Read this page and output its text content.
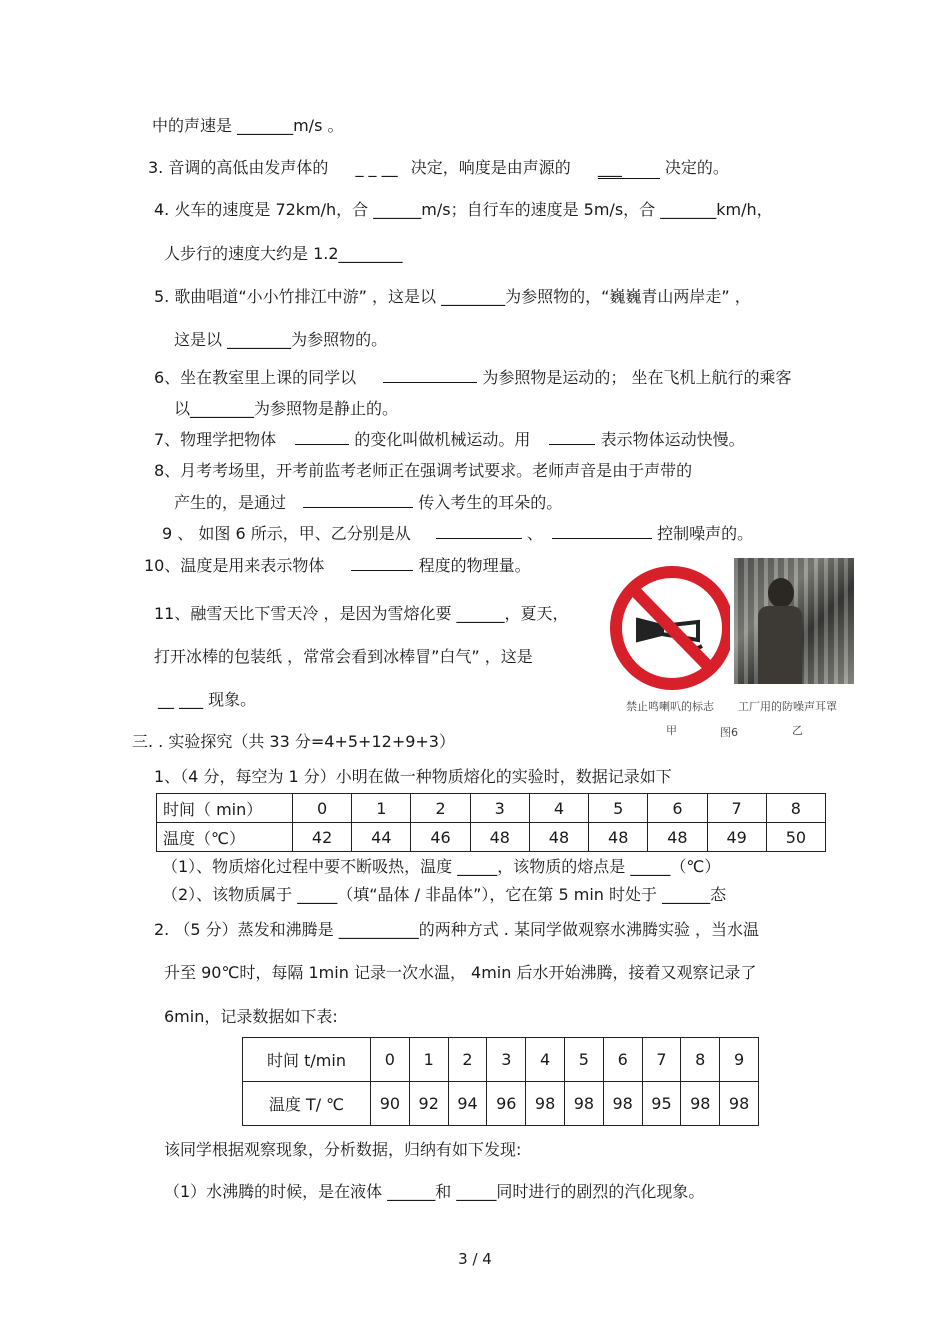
中的声速是 _______m/s 。
3. 音调的高低由发声体的 _ _ __ 决定，响度是由声源的 ___	决定的。
4. 火车的速度是 72km/h，合 ______m/s；自行车的速度是 5m/s，合 _______km/h，
人步行的速度大约是 1.2________
5. 歌曲唱道“小小竹排江中游” ，这是以 ________为参照物的，“巍巍青山两岸走” ，
这是以 ________为参照物的。
6、坐在教室里上课的同学以	为参照物是运动的； 坐在飞机上航行的乘客
以________为参照物是静止的。
7、物理学把物体	的变化叫做机械运动。用	表示物体运动快慢。
8、月考考场里，开考前监考老师正在强调考试要求。老师声音是由于声带的
产生的，是通过	传入考生的耳朵的。
9 、 如图 6 所示，甲、乙分别是从	、	控制噪声的。
10、温度是用来表示物体	程度的物理量。
11、融雪天比下雪天冷 ，是因为雪熔化要 ______，夏天，
打开冰棒的包装纸 ，常常会看到冰棒冒”白气” ，这是
__ ___ 现象。	禁止鸣喇叭的标志 工厂用的防噪声耳罩
甲	图6	乙
三. . 实验探究（共 33 分=4+5+12+9+3）
1、（4 分，每空为 1 分）小明在做一种物质熔化的实验时，数据记录如下
时间（ min）	0	1	2	3	4	5	6	7	8
温度（℃）	42	44	46	48	48	48	48	49	50
（1）、物质熔化过程中要不断吸热，温度 _____，该物质的熔点是 _____（℃）
（2）、该物质属于 _____（填“晶体 / 非晶体”），它在第 5 min 时处于 ______态
2. （5 分）蒸发和沸腾是 __________的两种方式 . 某同学做观察水沸腾实验 ，当水温
升至 90℃时，每隔 1min 记录一次水温， 4min 后水开始沸腾，接着又观察记录了
6min，记录数据如下表:
时间 t/min	0	1	2	3	4	5	6	7	8	9
温度 T/ ℃	90	92	94	96	98	98	98	95	98	98
该同学根据观察现象，分析数据，归纳有如下发现:
（1）水沸腾的时候，是在液体 ______和 _____同时进行的剧烈的汽化现象。
3 / 4
